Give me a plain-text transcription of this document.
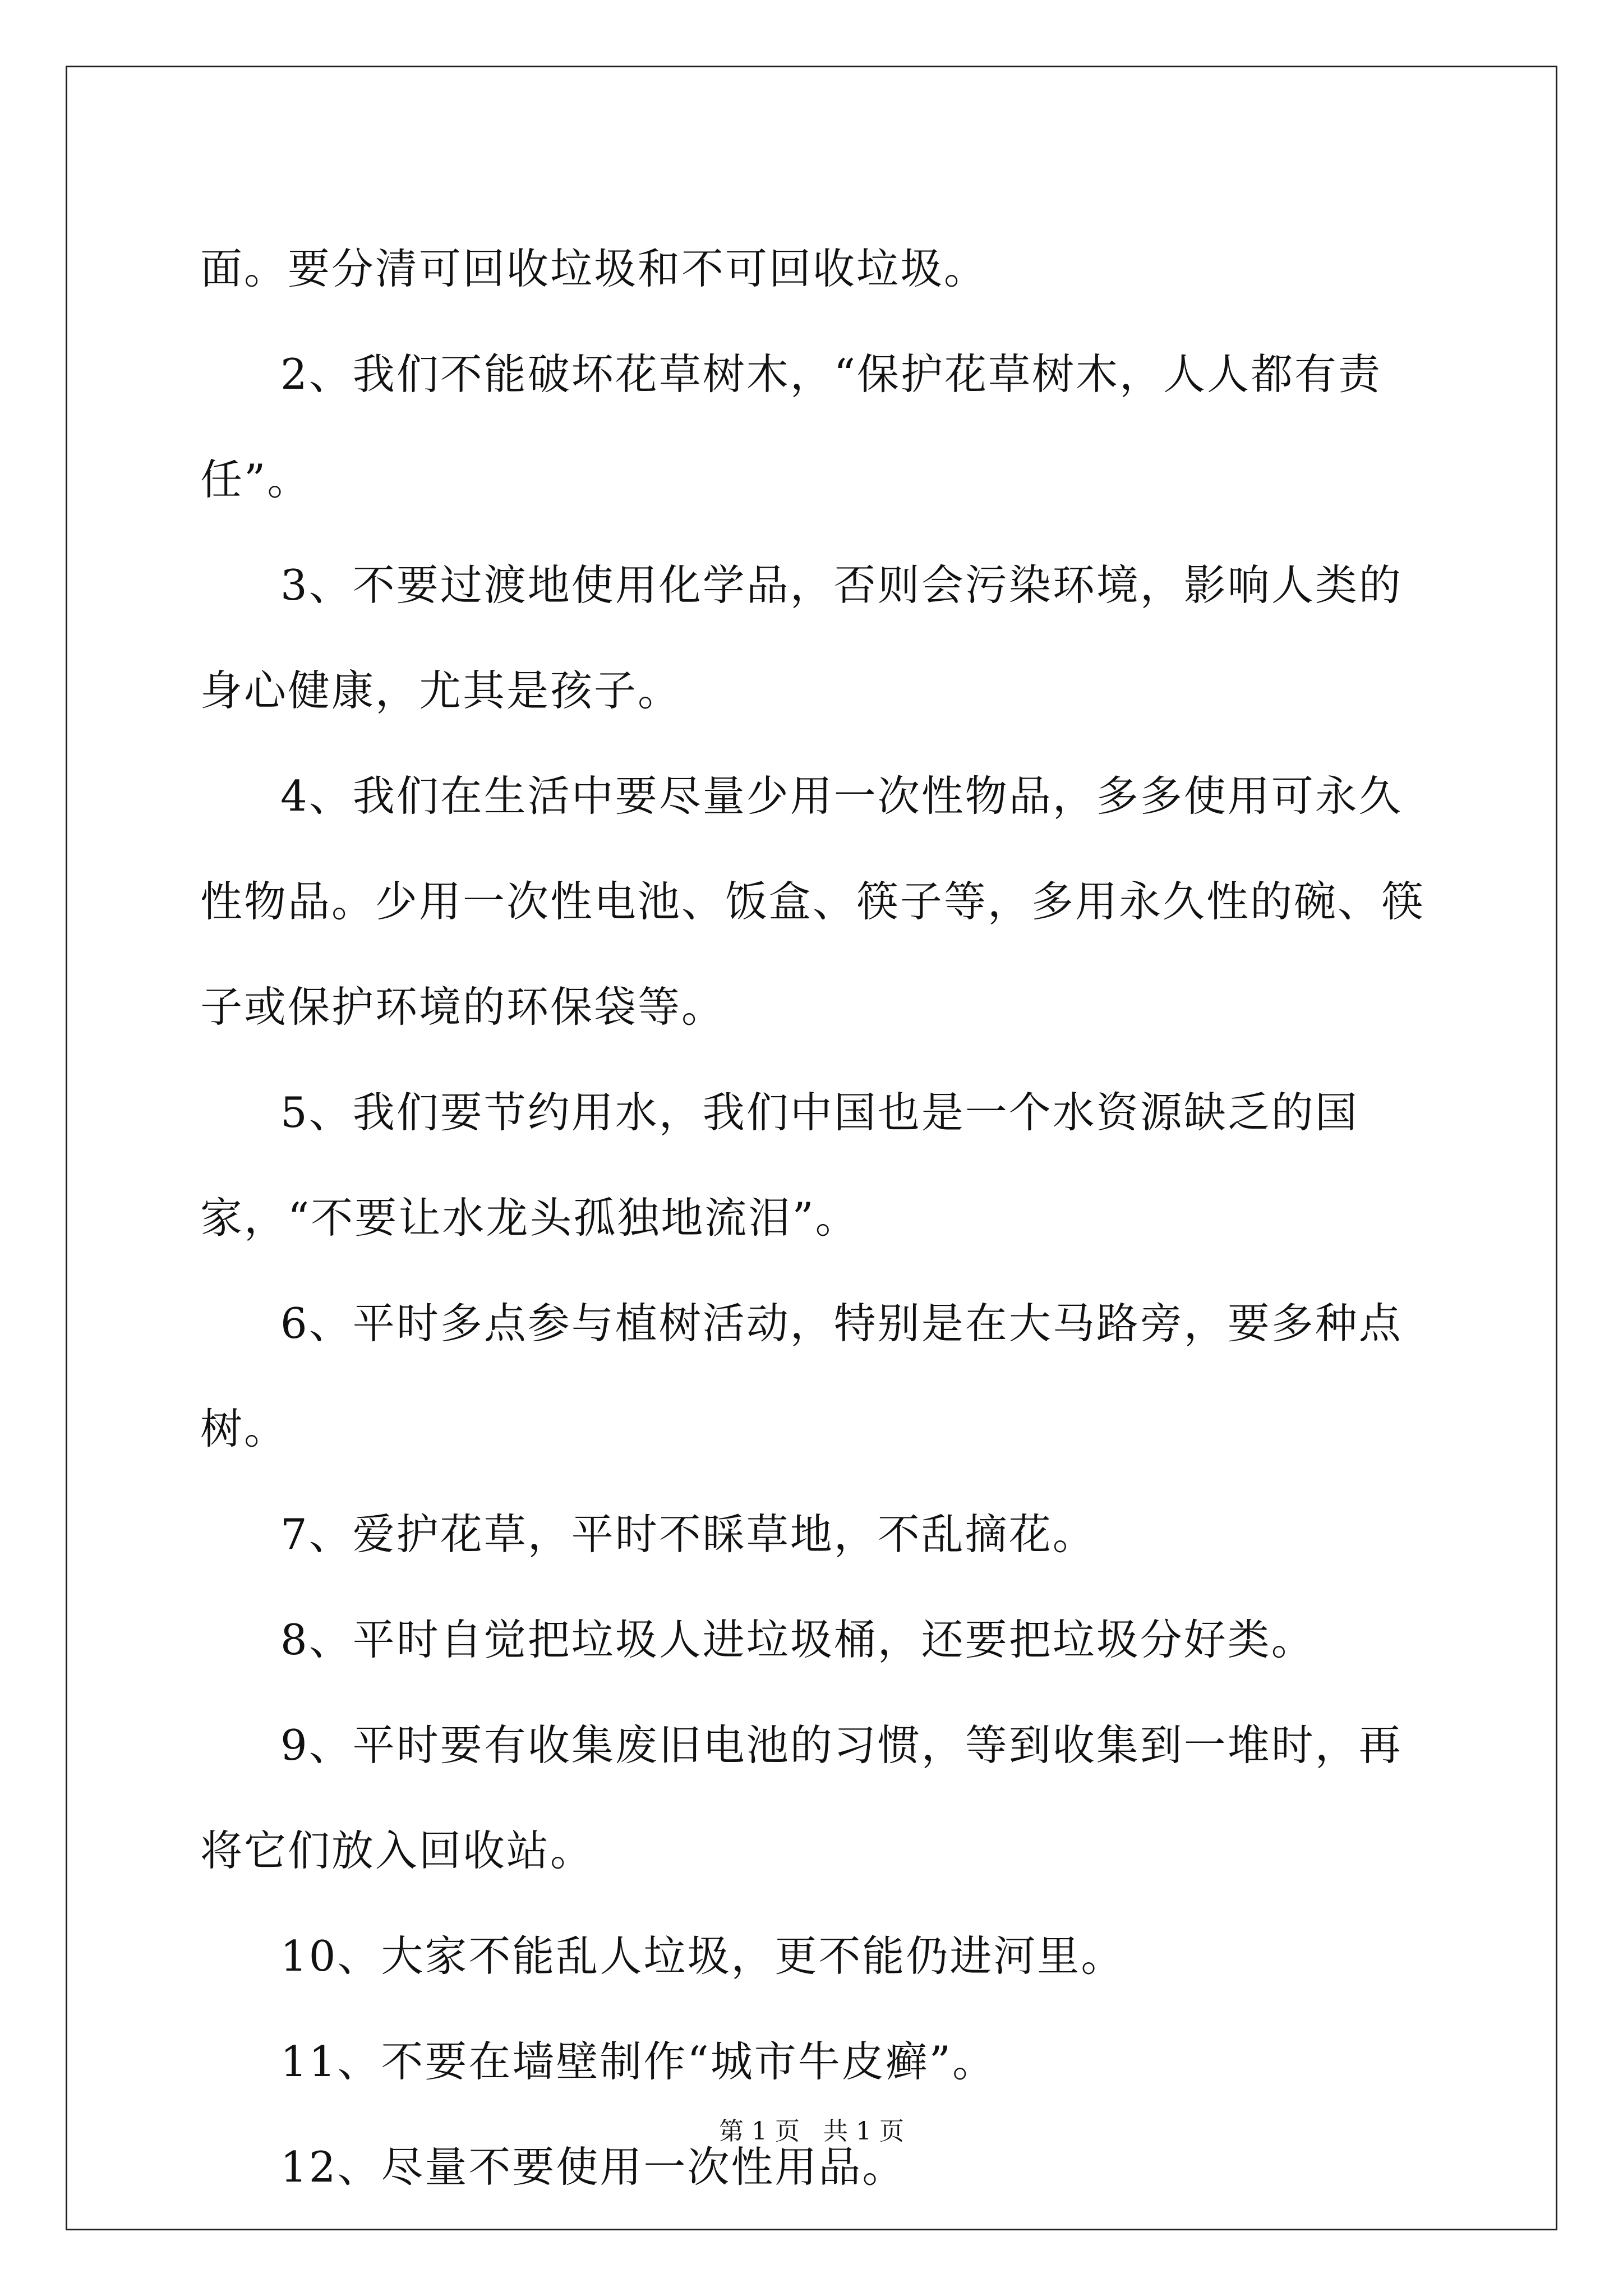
面。要分清可回收垃圾和不可回收垃圾。

2、我们不能破坏花草树木，“保护花草树木，人人都有责任”。

3、不要过渡地使用化学品，否则会污染环境，影响人类的身心健康，尤其是孩子。

4、我们在生活中要尽量少用一次性物品，多多使用可永久性物品。少用一次性电池、饭盒、筷子等，多用永久性的碗、筷子或保护环境的环保袋等。

5、我们要节约用水，我们中国也是一个水资源缺乏的国家，“不要让水龙头孤独地流泪”。

6、平时多点参与植树活动，特别是在大马路旁，要多种点树。

7、爱护花草，平时不睬草地，不乱摘花。

8、平时自觉把垃圾人进垃圾桶，还要把垃圾分好类。

9、平时要有收集废旧电池的习惯，等到收集到一堆时，再将它们放入回收站。

10、大家不能乱人垃圾，更不能仍进河里。

11、不要在墙壁制作“城市牛皮癣”。

12、尽量不要使用一次性用品。

第 1 页   共 1 页
